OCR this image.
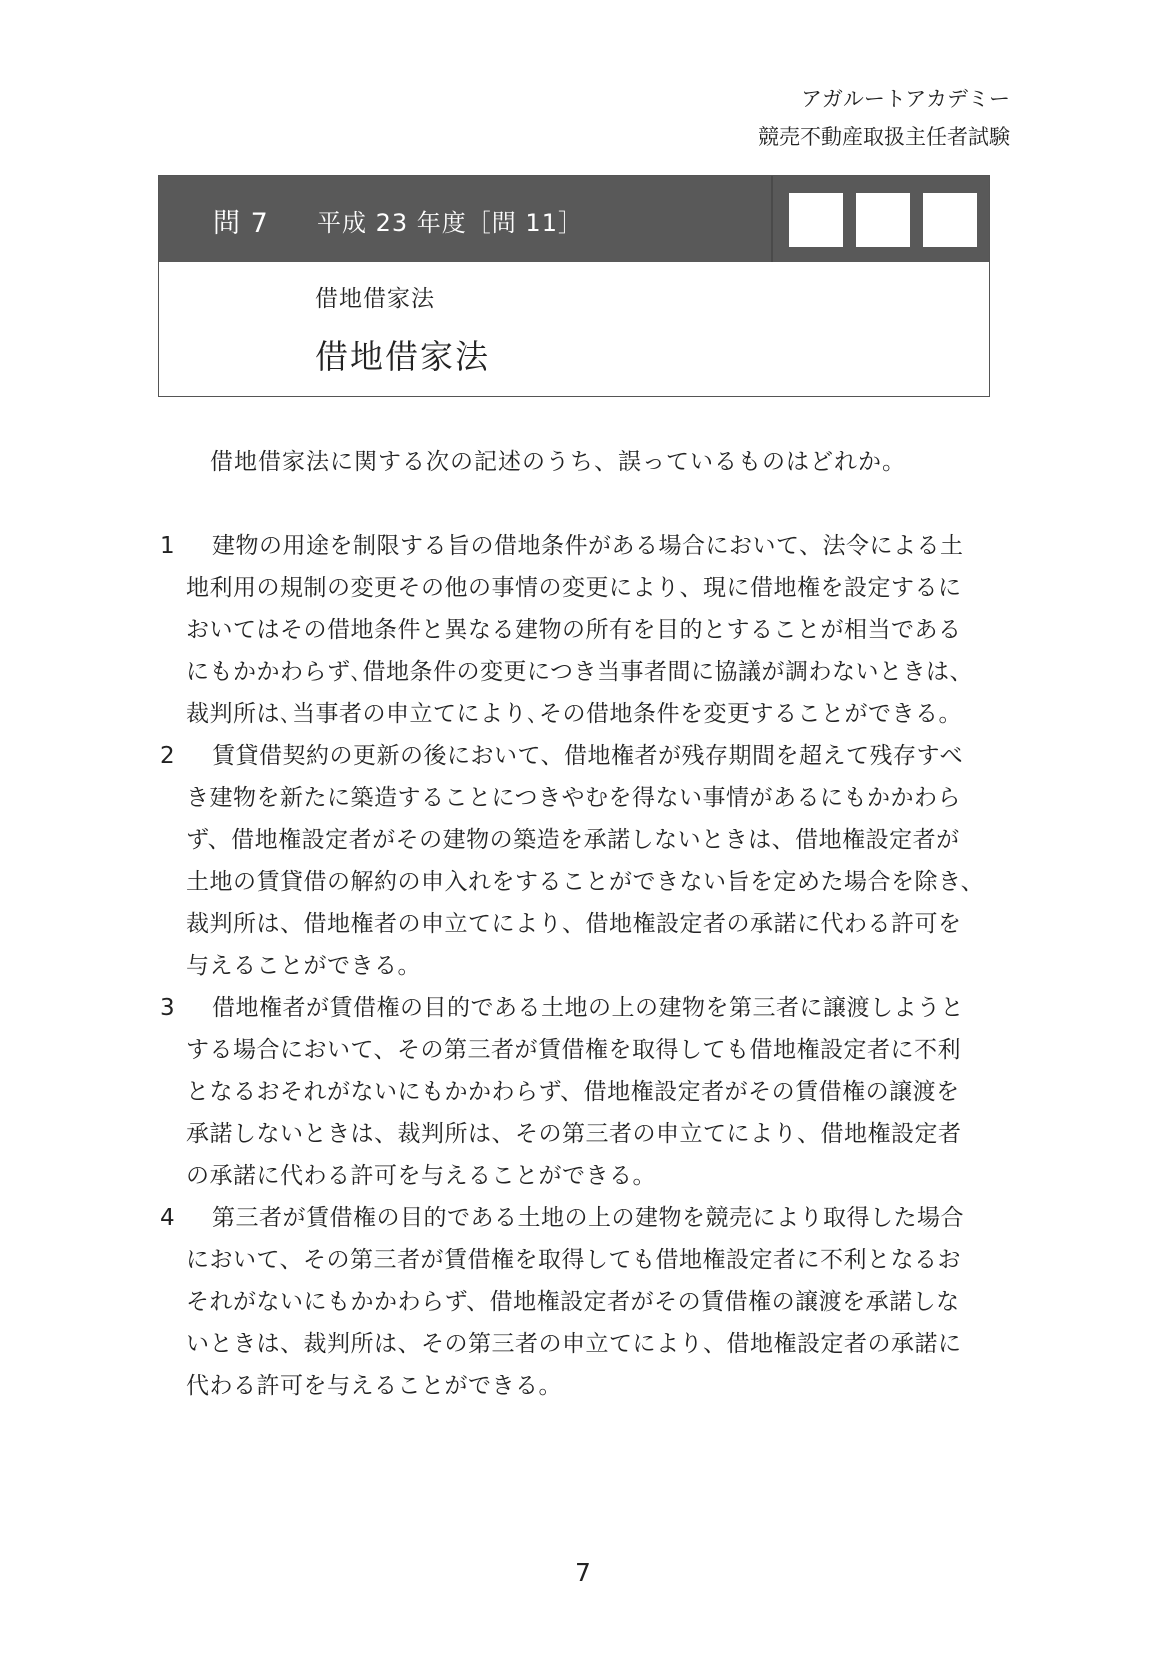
アガルートアカデミー
競売不動産取扱主任者試験
問 7 平成 23 年度［問 11］
借地借家法
借地借家法
借地借家法に関する次の記述のうち、誤っているものはどれか。
1	建物の用途を制限する旨の借地条件がある場合において、法令による土
地利用の規制の変更その他の事情の変更により、現に借地権を設定するに
おいてはその借地条件と異なる建物の所有を目的とすることが相当である
にもかかわらず､借地条件の変更につき当事者間に協議が調わないときは、
裁判所は､当事者の申立てにより､その借地条件を変更することができる。
2	賃貸借契約の更新の後において、借地権者が残存期間を超えて残存すべ
き建物を新たに築造することにつきやむを得ない事情があるにもかかわら
ず、借地権設定者がその建物の築造を承諾しないときは、借地権設定者が
土地の賃貸借の解約の申入れをすることができない旨を定めた場合を除き、
裁判所は、借地権者の申立てにより、借地権設定者の承諾に代わる許可を
与えることができる。
3	借地権者が賃借権の目的である土地の上の建物を第三者に譲渡しようと
する場合において、その第三者が賃借権を取得しても借地権設定者に不利
となるおそれがないにもかかわらず、借地権設定者がその賃借権の譲渡を
承諾しないときは、裁判所は、その第三者の申立てにより、借地権設定者
の承諾に代わる許可を与えることができる。
4	第三者が賃借権の目的である土地の上の建物を競売により取得した場合
において、その第三者が賃借権を取得しても借地権設定者に不利となるお
それがないにもかかわらず、借地権設定者がその賃借権の譲渡を承諾しな
いときは、裁判所は、その第三者の申立てにより、借地権設定者の承諾に
代わる許可を与えることができる。
7
